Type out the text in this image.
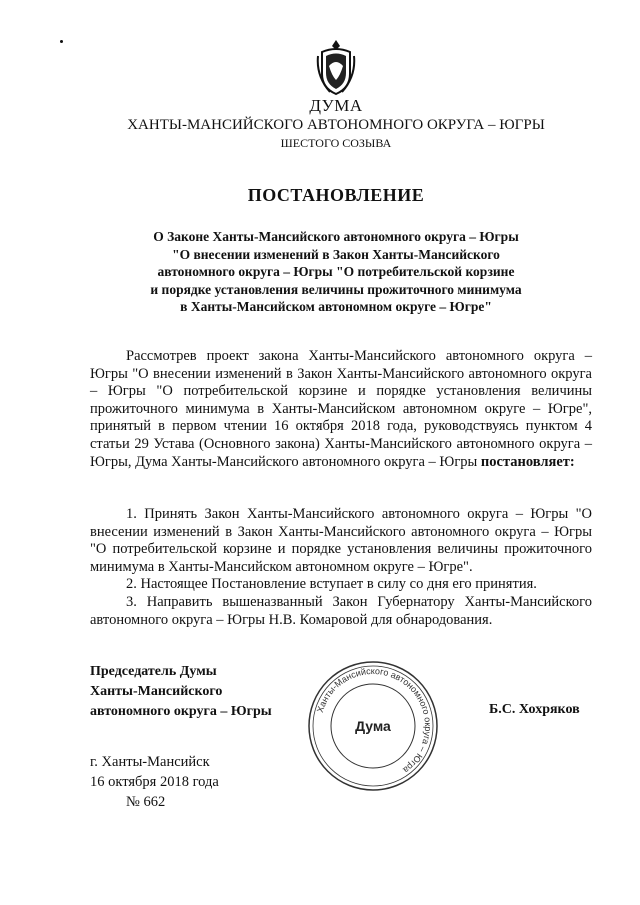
ДУМА
ХАНТЫ-МАНСИЙСКОГО АВТОНОМНОГО ОКРУГА – ЮГРЫ
ШЕСТОГО СОЗЫВА
ПОСТАНОВЛЕНИЕ
О Законе Ханты-Мансийского автономного округа – Югры
"О внесении изменений в Закон Ханты-Мансийского
автономного округа – Югры "О потребительской корзине
и порядке установления величины прожиточного минимума
в Ханты-Мансийском автономном округе – Югре"

Рассмотрев проект закона Ханты-Мансийского автономного округа – Югры "О внесении изменений в Закон Ханты-Мансийского автономного округа – Югры "О потребительской корзине и порядке установления величины прожиточного минимума в Ханты-Мансийском автономном округе – Югре", принятый в первом чтении 16 октября 2018 года, руководствуясь пунктом 4 статьи 29 Устава (Основного закона) Ханты-Мансийского автономного округа – Югры, Дума Ханты-Мансийского автономного округа – Югры постановляет:

1. Принять Закон Ханты-Мансийского автономного округа – Югры "О внесении изменений в Закон Ханты-Мансийского автономного округа – Югры "О потребительской корзине и порядке установления величины прожиточного минимума в Ханты-Мансийском автономном округе – Югре".

2. Настоящее Постановление вступает в силу со дня его принятия.

3. Направить вышеназванный Закон Губернатору Ханты-Мансийского автономного округа – Югры Н.В. Комаровой для обнародования.

Председатель Думы
Ханты-Мансийского
автономного округа – Югры	Ханты-Мансийского автономного округа – Югра
Дума
Б.С. Хохряков
г. Ханты-Мансийск
16 октября 2018 года
№ 662
